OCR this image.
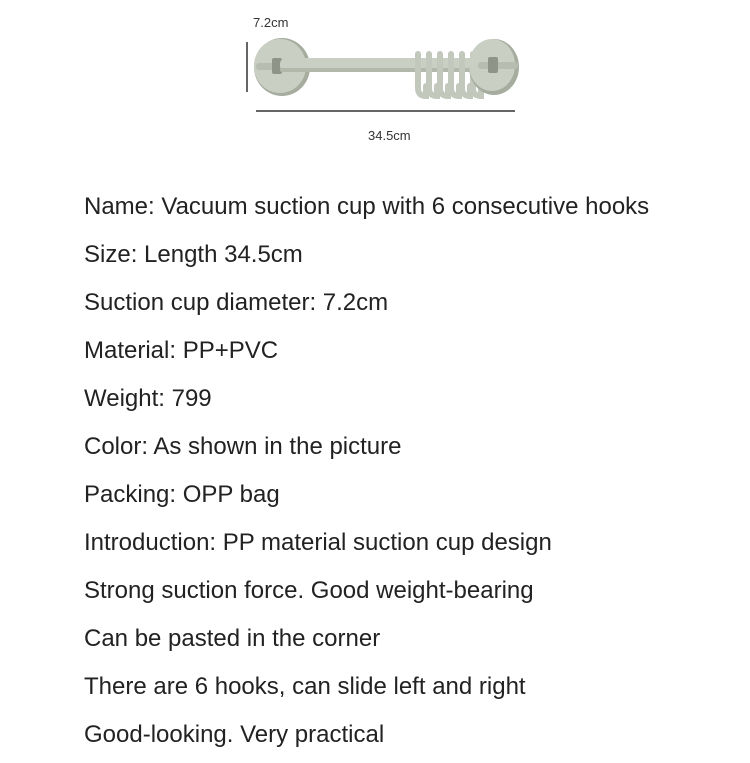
7.2cm
34.5cm
Name: Vacuum suction cup with 6 consecutive hooks
Size: Length 34.5cm
Suction cup diameter: 7.2cm
Material: PP+PVC
Weight: 799
Color: As shown in the picture
Packing: OPP bag
Introduction: PP material suction cup design
Strong suction force. Good weight-bearing
Can be pasted in the corner
There are 6 hooks, can slide left and right
Good-looking. Very practical
